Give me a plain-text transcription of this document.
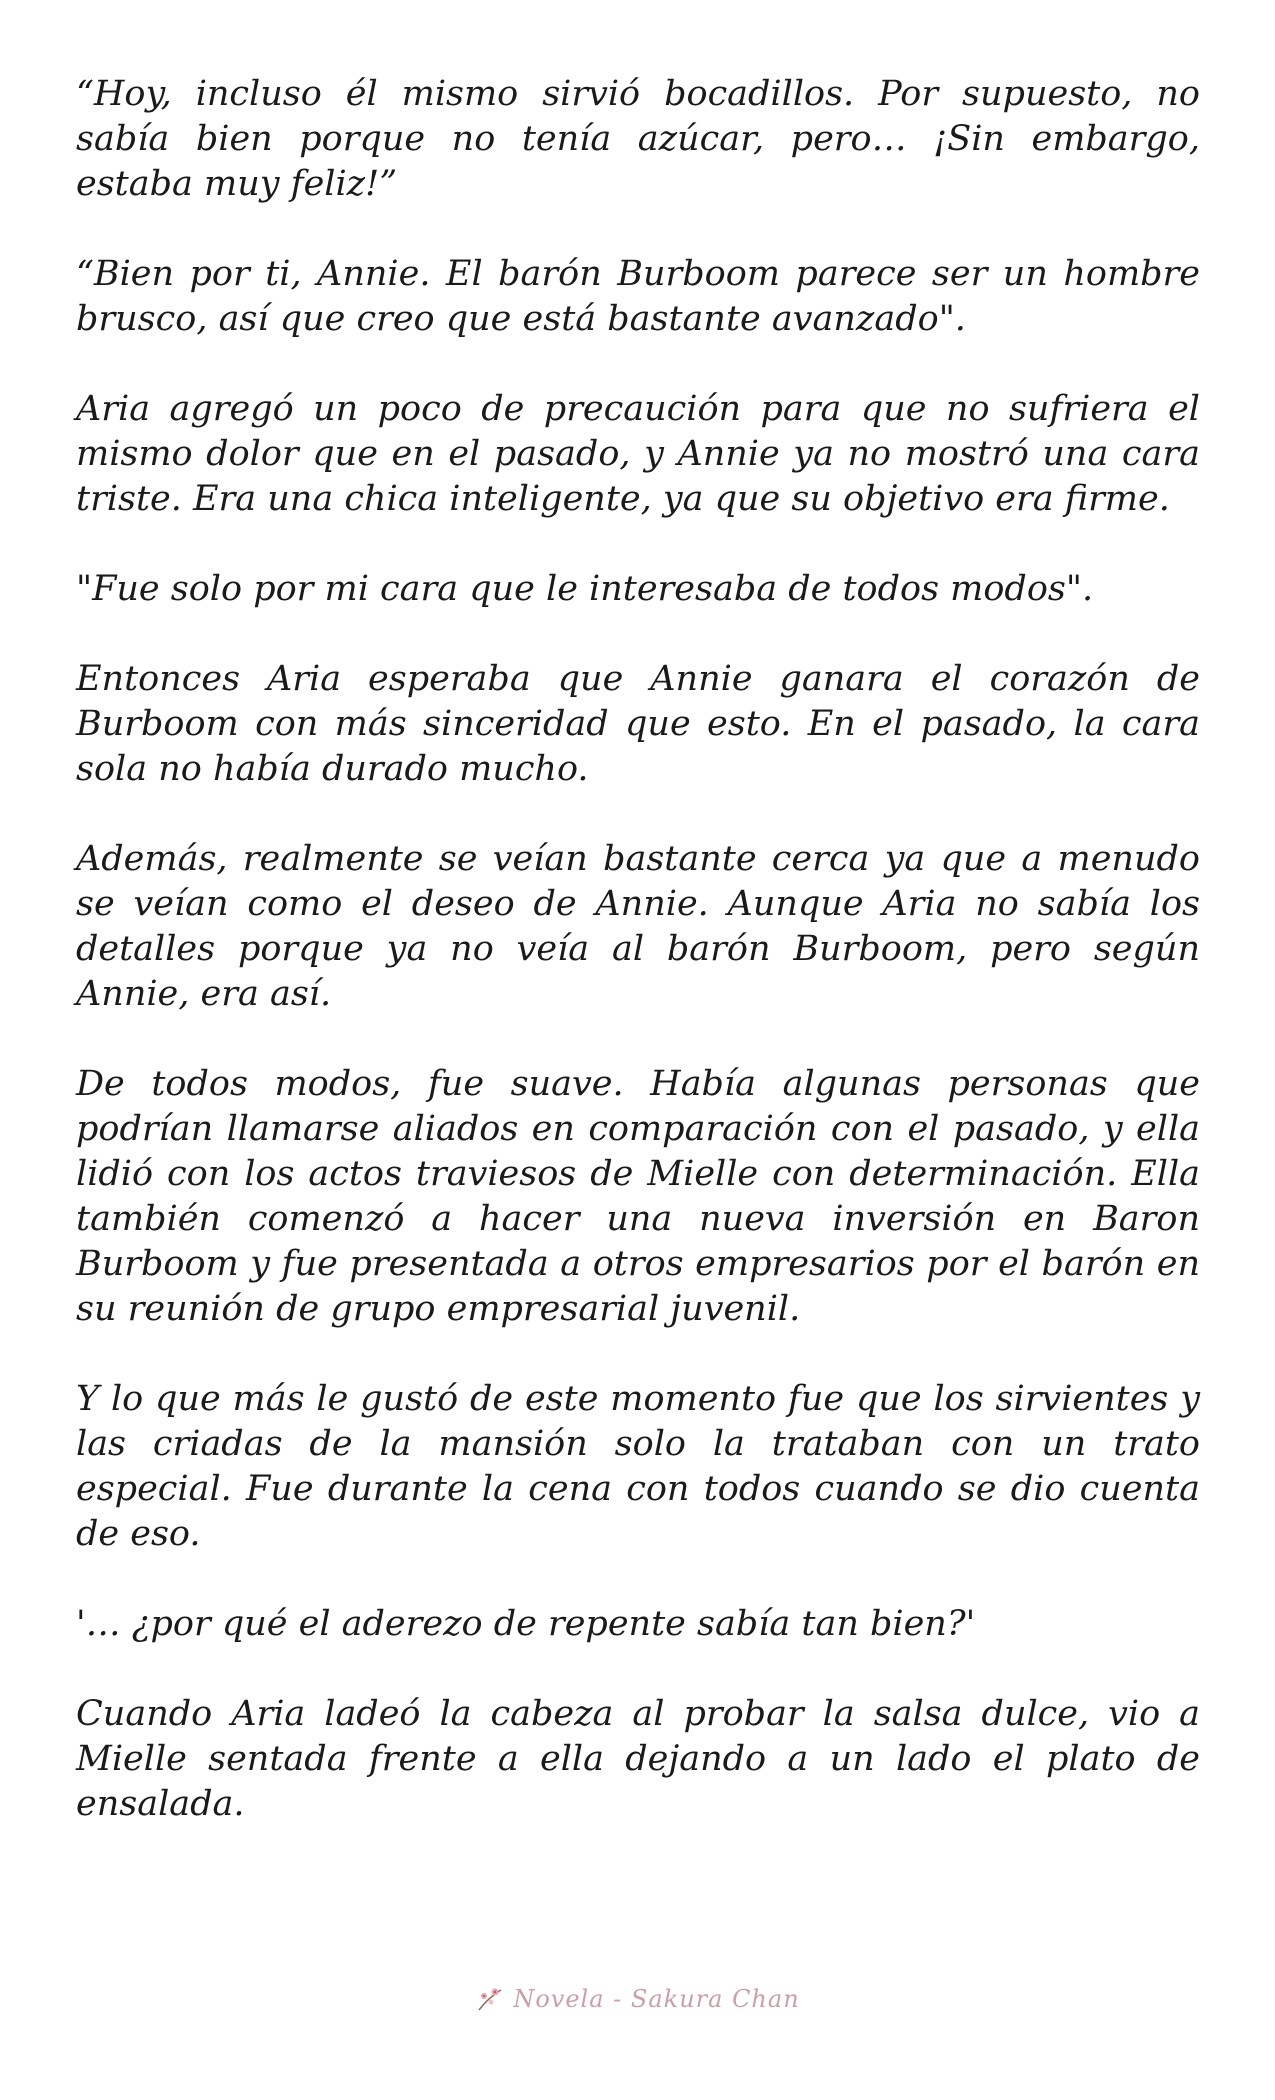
“Hoy, incluso él mismo sirvió bocadillos. Por supuesto, no sabía bien porque no tenía azúcar, pero… ¡Sin embargo, estaba muy feliz!”

“Bien por ti, Annie. El barón Burboom parece ser un hombre brusco, así que creo que está bastante avanzado".

Aria agregó un poco de precaución para que no sufriera el mismo dolor que en el pasado, y Annie ya no mostró una cara triste. Era una chica inteligente, ya que su objetivo era firme.

"Fue solo por mi cara que le interesaba de todos modos".

Entonces Aria esperaba que Annie ganara el corazón de Burboom con más sinceridad que esto. En el pasado, la cara sola no había durado mucho.

Además, realmente se veían bastante cerca ya que a menudo se veían como el deseo de Annie. Aunque Aria no sabía los detalles porque ya no veía al barón Burboom, pero según Annie, era así.

De todos modos, fue suave. Había algunas personas que podrían llamarse aliados en comparación con el pasado, y ella lidió con los actos traviesos de Mielle con determinación. Ella también comenzó a hacer una nueva inversión en Baron Burboom y fue presentada a otros empresarios por el barón en su reunión de grupo empresarial juvenil.

Y lo que más le gustó de este momento fue que los sirvientes y las criadas de la mansión solo la trataban con un trato especial. Fue durante la cena con todos cuando se dio cuenta de eso.

'… ¿por qué el aderezo de repente sabía tan bien?'

Cuando Aria ladeó la cabeza al probar la salsa dulce, vio a Mielle sentada frente a ella dejando a un lado el plato de ensalada.

Novela - Sakura Chan
